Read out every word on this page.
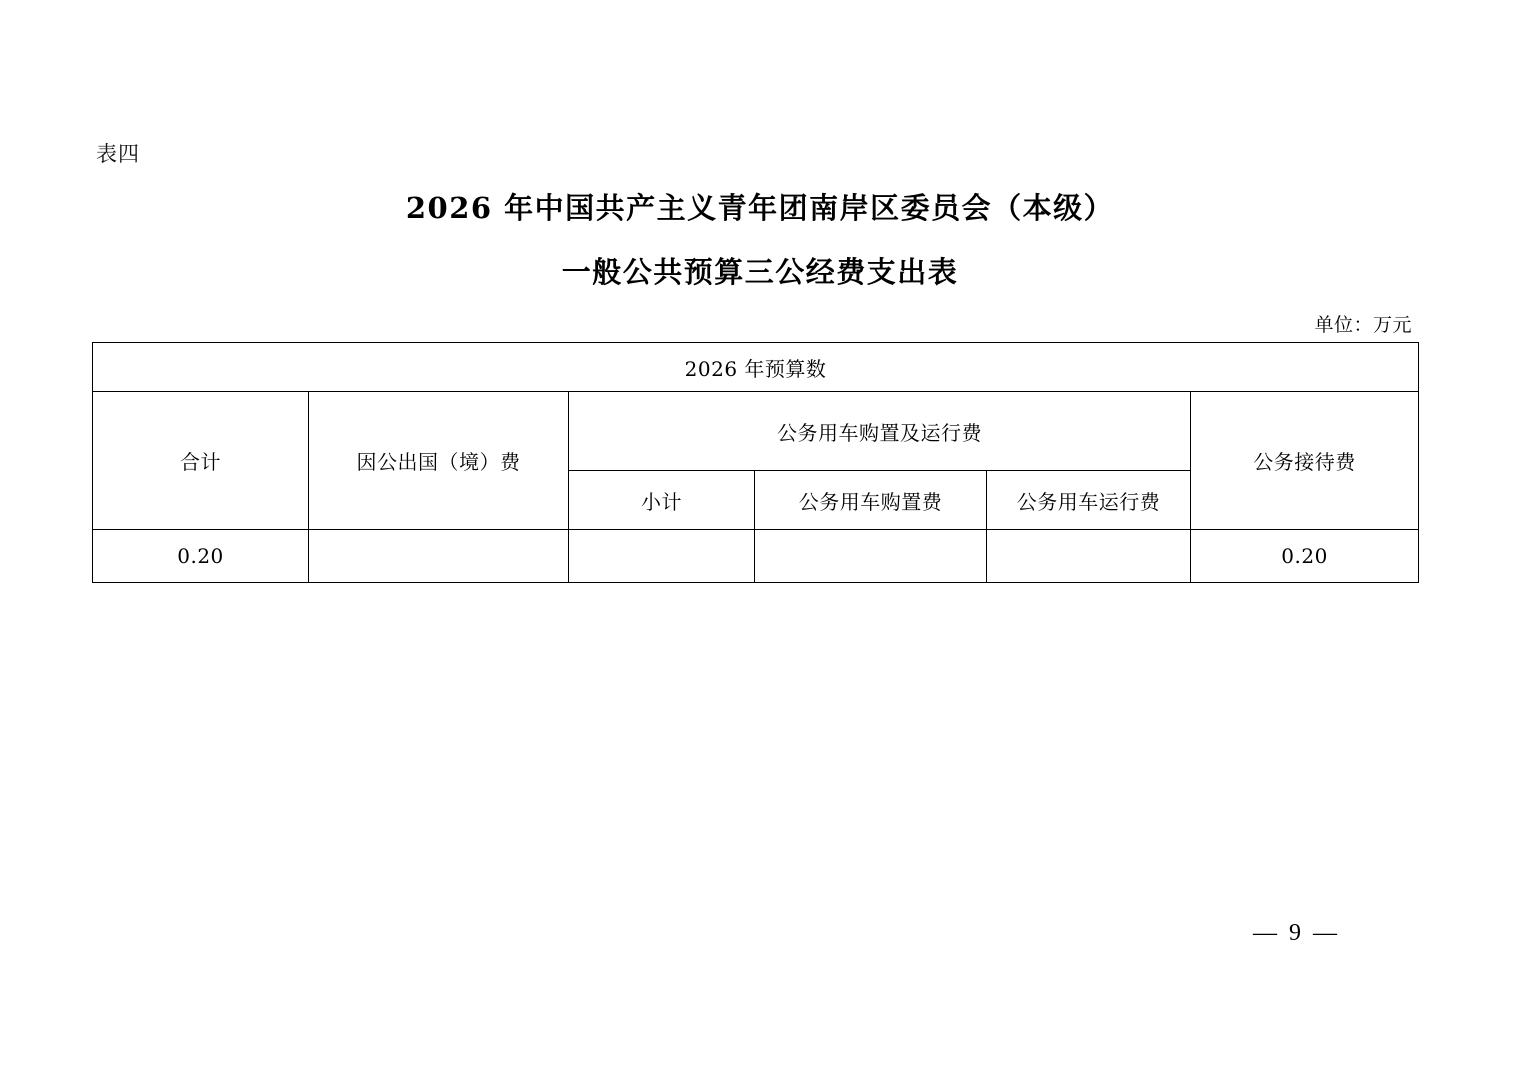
表四
2026 年中国共产主义青年团南岸区委员会（本级）
一般公共预算三公经费支出表
单位：万元
2026 年预算数					
合计	因公出国（境）费	公务用车购置及运行费			公务接待费
		小计	公务用车购置费	公务用车运行费	
0.20					0.20
— 9 —
